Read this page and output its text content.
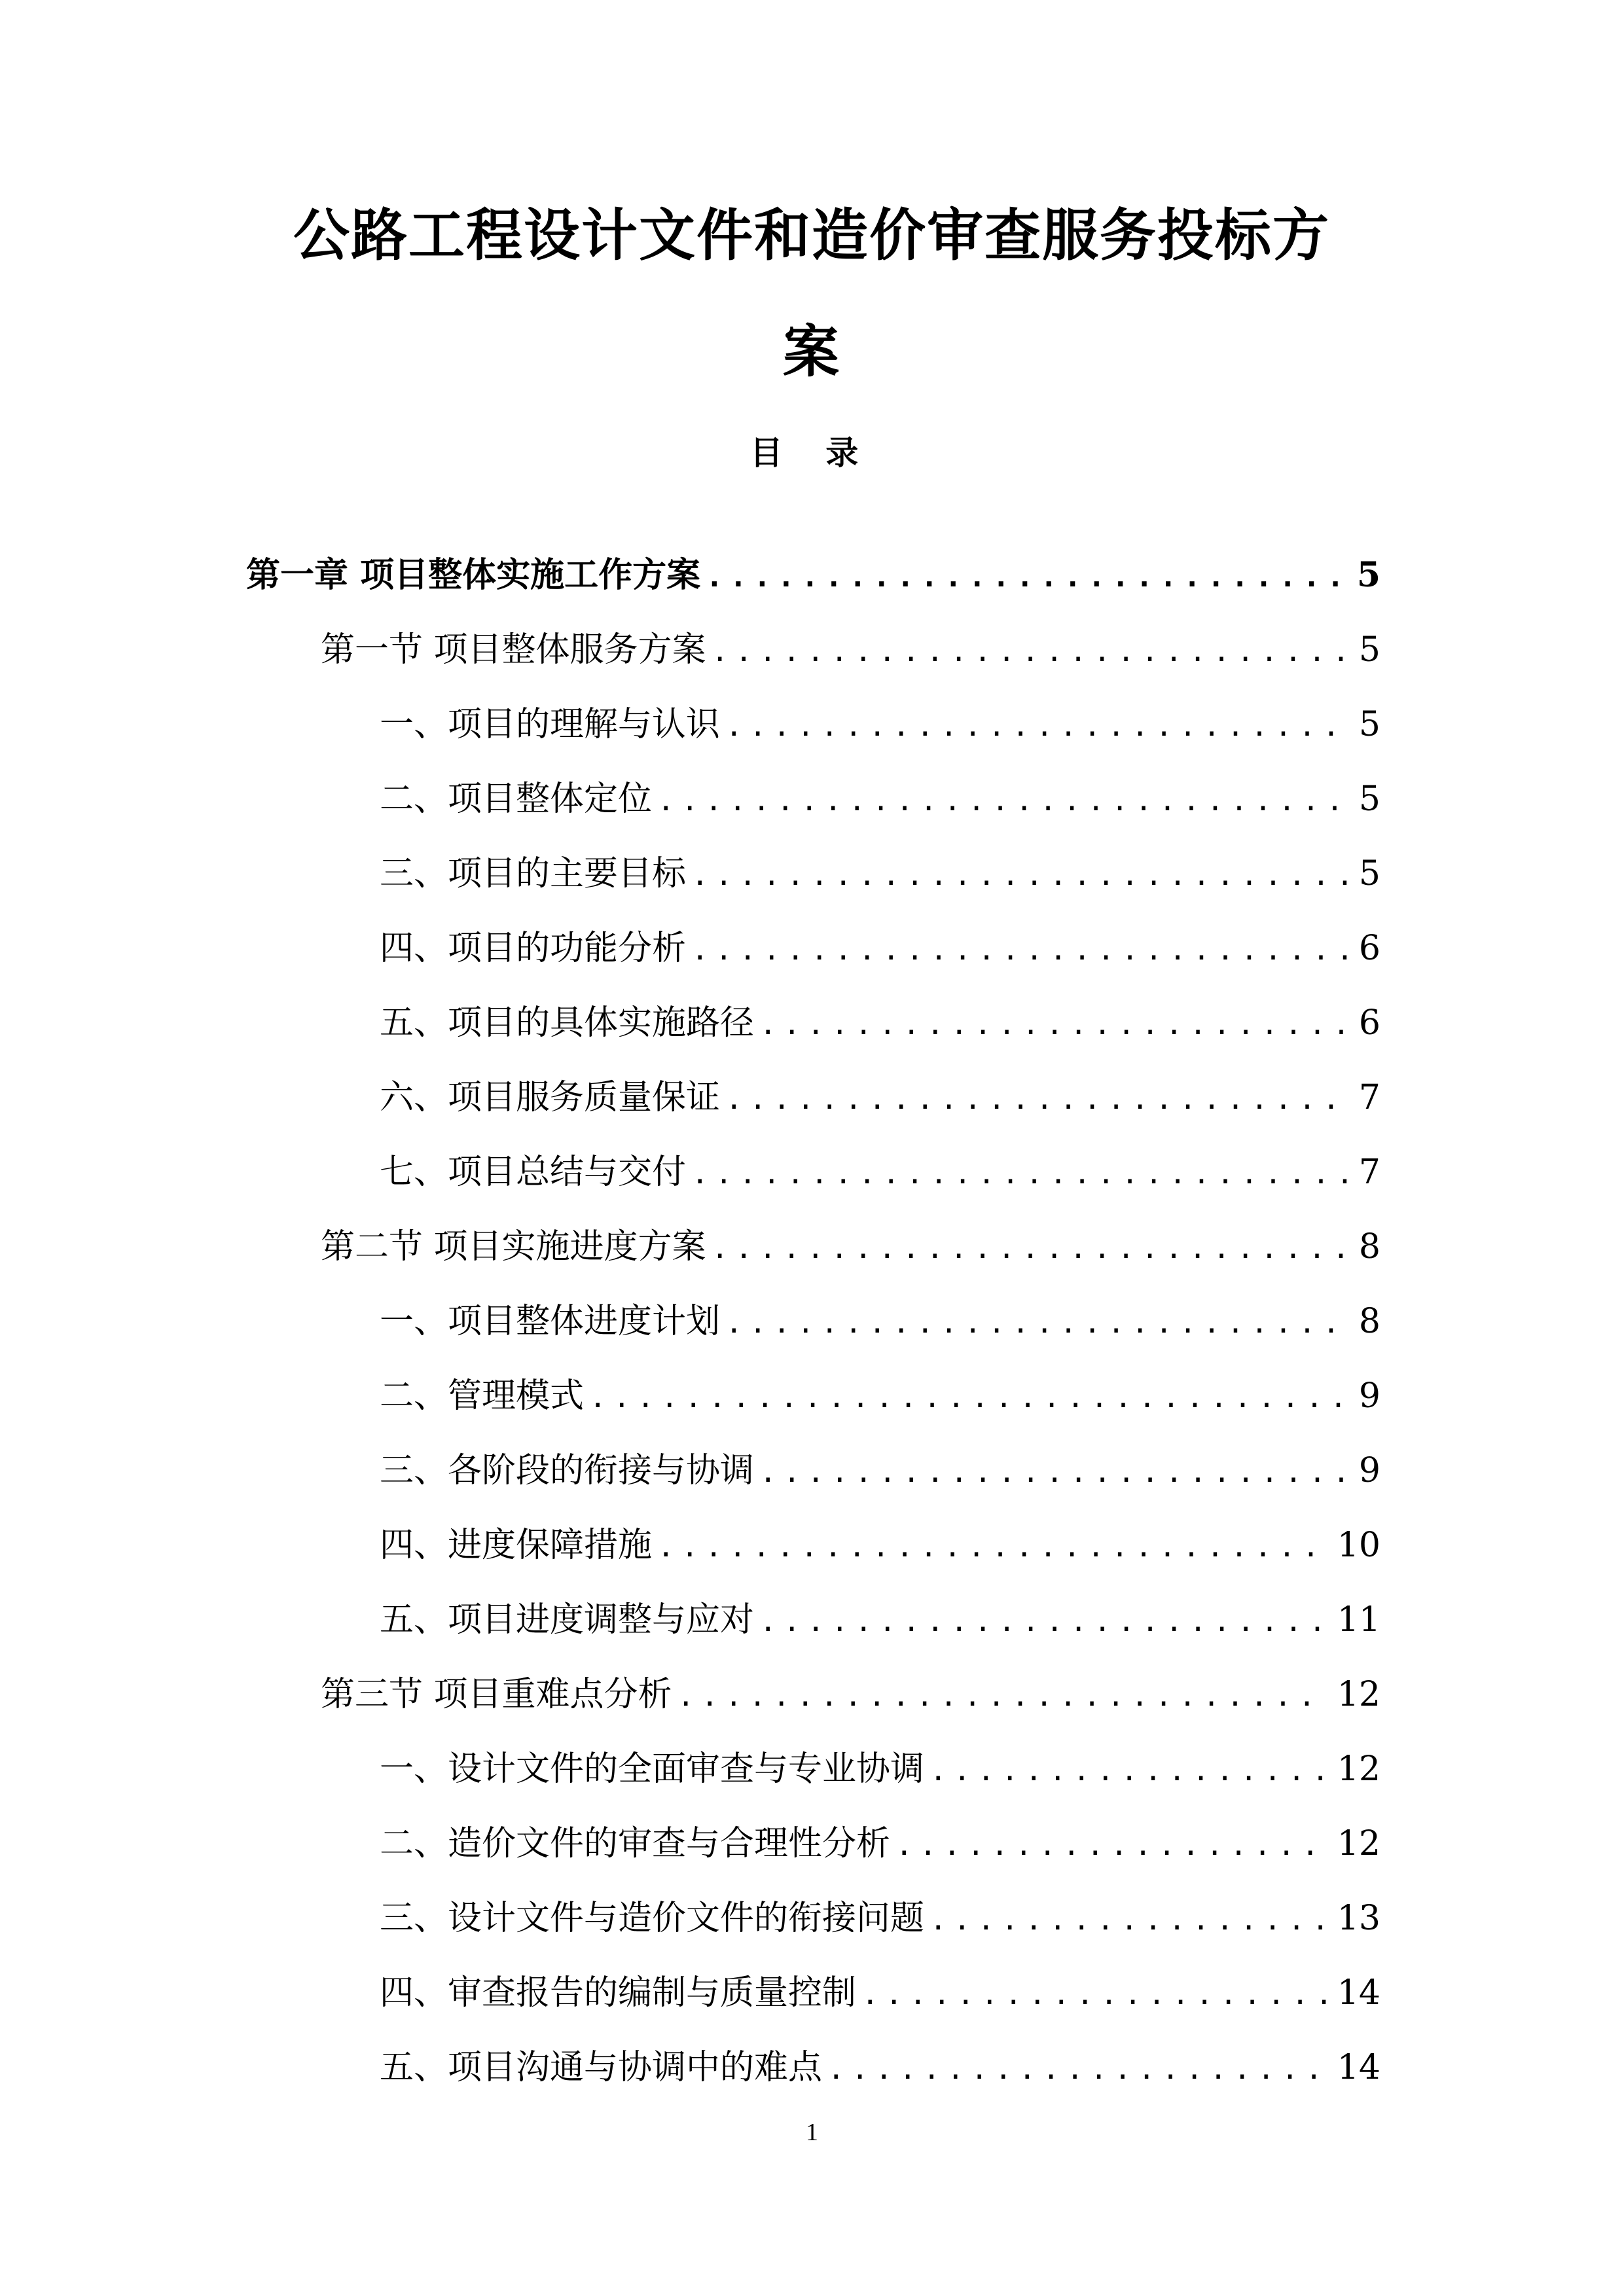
公路工程设计文件和造价审查服务投标方
案
目 录
第一章 项目整体实施工作方案 .....	5
第一节 项目整体服务方案 .....	5
一、项目的理解与认识 .....	5
二、项目整体定位 .....	5
三、项目的主要目标 .....	5
四、项目的功能分析 .....	6
五、项目的具体实施路径 .....	6
六、项目服务质量保证 .....	7
七、项目总结与交付 .....	7
第二节 项目实施进度方案 .....	8
一、项目整体进度计划 .....	8
二、管理模式 .....	9
三、各阶段的衔接与协调 .....	9
四、进度保障措施 .....	10
五、项目进度调整与应对 .....	11
第三节 项目重难点分析 .....	12
一、设计文件的全面审查与专业协调 .....	12
二、造价文件的审查与合理性分析 .....	12
三、设计文件与造价文件的衔接问题 .....	13
四、审查报告的编制与质量控制 .....	14
五、项目沟通与协调中的难点 .....	14
1
